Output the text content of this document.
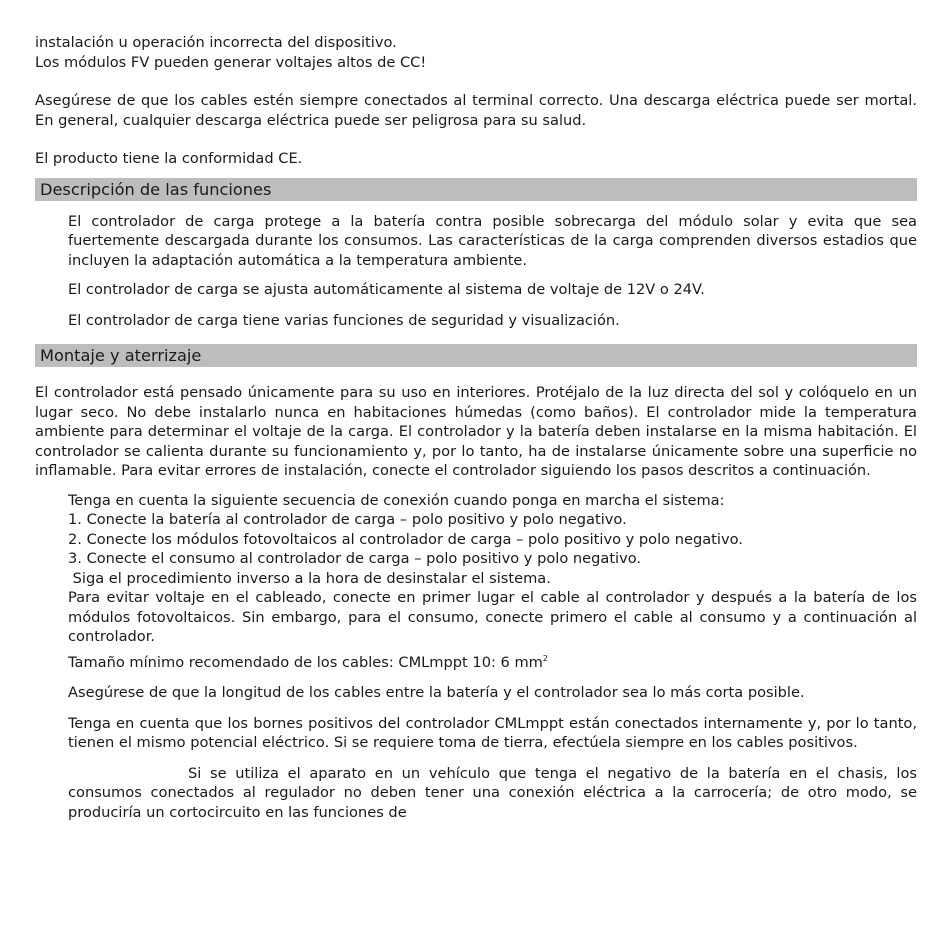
instalación u operación incorrecta del dispositivo.

Los módulos FV pueden generar voltajes altos de CC!

Asegúrese de que los cables estén siempre conectados al terminal correcto. Una descarga eléctrica puede ser mortal. En general, cualquier descarga eléctrica puede ser peligrosa para su salud.

El producto tiene la conformidad CE.

Descripción de las funciones

El controlador de carga protege a la batería contra posible sobrecarga del módulo solar y evita que sea fuertemente descargada durante los consumos. Las características de la carga comprenden diversos estadios que incluyen la adaptación automática a la temperatura ambiente.

El controlador de carga se ajusta automáticamente al sistema de voltaje de 12V o 24V.

El controlador de carga tiene varias funciones de seguridad y visualización.

Montaje y aterrizaje

El controlador está pensado únicamente para su uso en interiores. Protéjalo de la luz directa del sol y colóquelo en un lugar seco. No debe instalarlo nunca en habitaciones húmedas (como baños). El controlador mide la temperatura ambiente para determinar el voltaje de la carga. El controlador y la batería deben instalarse en la misma habitación. El controlador se calienta durante su funcionamiento y, por lo tanto, ha de instalarse únicamente sobre una superficie no inflamable. Para evitar errores de instalación, conecte el controlador siguiendo los pasos descritos a continuación.

Tenga en cuenta la siguiente secuencia de conexión cuando ponga en marcha el sistema:

1. Conecte la batería al controlador de carga – polo positivo y polo negativo.

2. Conecte los módulos fotovoltaicos al controlador de carga – polo positivo y polo negativo.

3. Conecte el consumo al controlador de carga – polo positivo y polo negativo.

Siga el procedimiento inverso a la hora de desinstalar el sistema.

Para evitar voltaje en el cableado, conecte en primer lugar el cable al controlador y después a la batería de los módulos fotovoltaicos. Sin embargo, para el consumo, conecte primero el cable al consumo y a continuación al controlador.

Tamaño mínimo recomendado de los cables: CMLmppt 10: 6 $mm^2$

Asegúrese de que la longitud de los cables entre la batería y el controlador sea lo más corta posible.

Tenga en cuenta que los bornes positivos del controlador CMLmppt están conectados internamente y, por lo tanto, tienen el mismo potencial eléctrico. Si se requiere toma de tierra, efectúela siempre en los cables positivos.

Si se utiliza el aparato en un vehículo que tenga el negativo de la batería en el chasis, los consumos conectados al regulador no deben tener una conexión eléctrica a la carrocería; de otro modo, se produciría un cortocircuito en las funciones de
